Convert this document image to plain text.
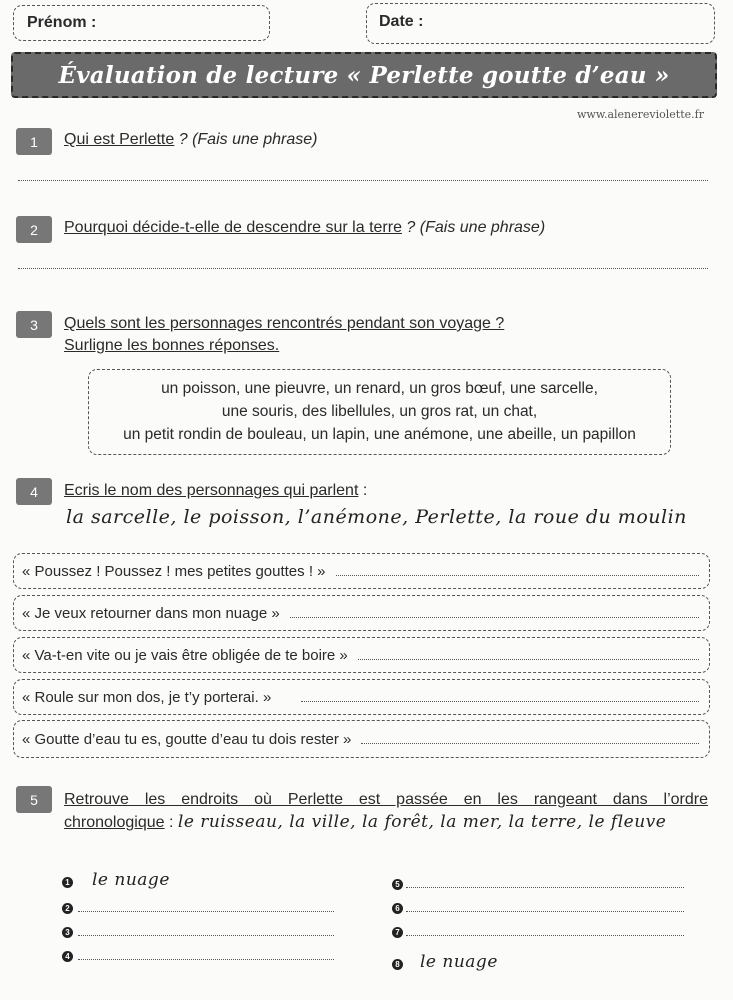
Prénom :	Date :
Évaluation de lecture « Perlette goutte d’eau »
www.alenereviolette.fr
1	Qui est Perlette ? (Fais une phrase)
2	Pourquoi décide-t-elle de descendre sur la terre ? (Fais une phrase)
3	Quels sont les personnages rencontrés pendant son voyage ?
Surligne les bonnes réponses.
un poisson, une pieuvre, un renard, un gros bœuf, une sarcelle,
une souris, des libellules, un gros rat, un chat,
un petit rondin de bouleau, un lapin, une anémone, une abeille, un papillon
4	Ecris le nom des personnages qui parlent :
la sarcelle, le poisson, l’anémone, Perlette, la roue du moulin
« Poussez ! Poussez ! mes petites gouttes ! »
« Je veux retourner dans mon nuage »
« Va-t-en vite ou je vais être obligée de te boire »
« Roule sur mon dos, je t’y porterai. »
« Goutte d’eau tu es, goutte d’eau tu dois rester »
5	Retrouve les endroits où Perlette est passée en les rangeant dans l’ordre
chronologique : le ruisseau, la ville, la forêt, la mer, la terre, le fleuve
1 le nuage
2
3
4
5
6
7
8 le nuage
